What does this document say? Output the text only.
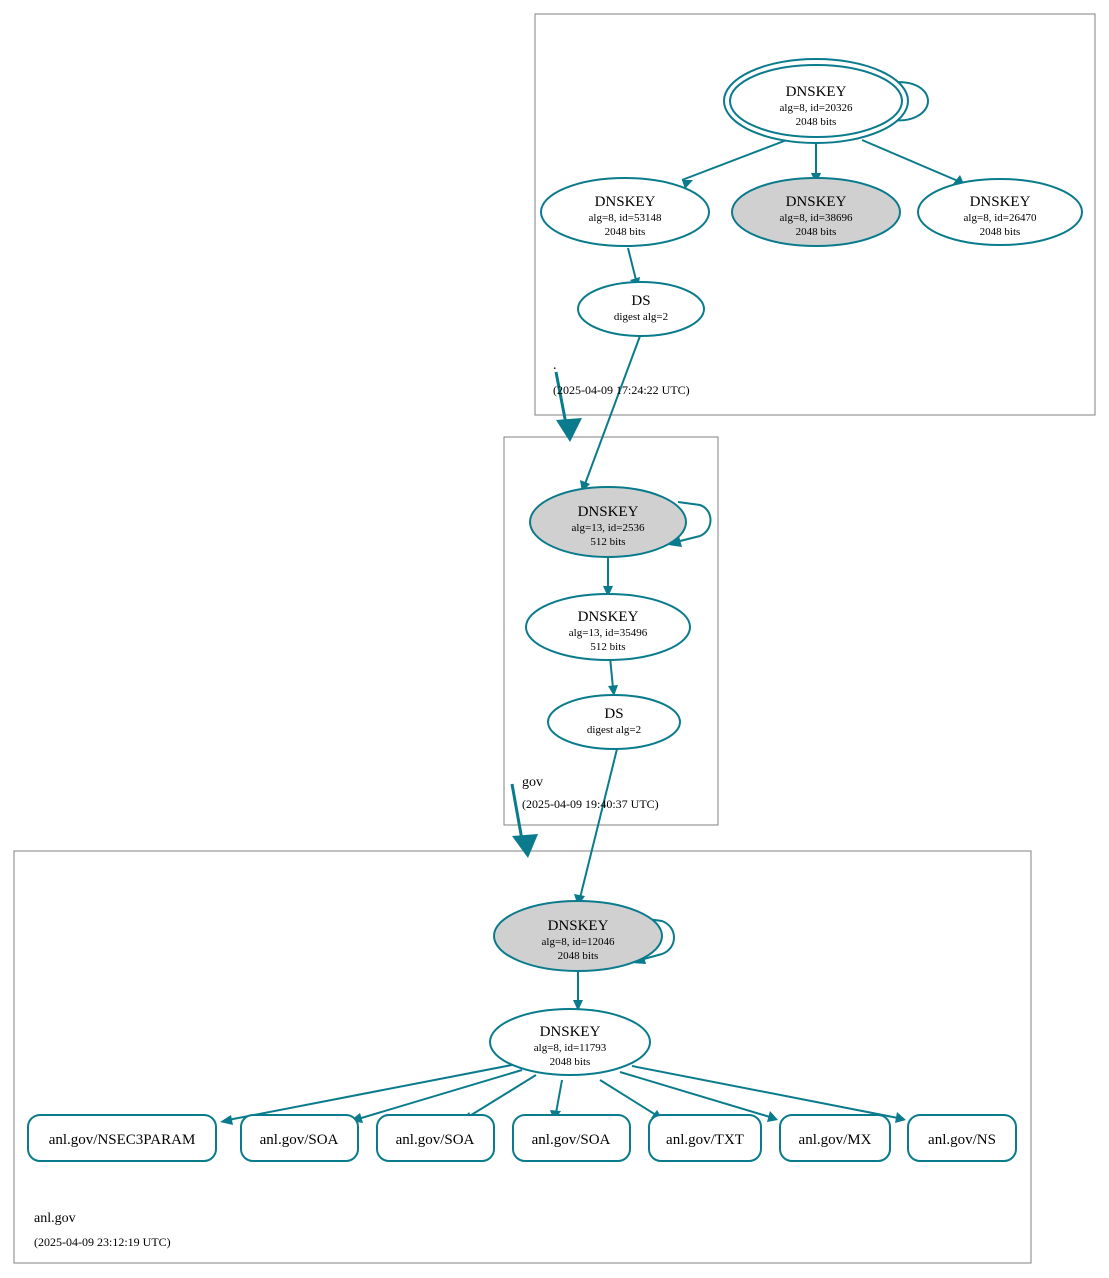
DNSKEY
alg=8, id=20326
2048 bits
DNSKEY
alg=8, id=53148
2048 bits
DNSKEY
alg=8, id=38696
2048 bits
DNSKEY
alg=8, id=26470
2048 bits
DS
digest alg=2
.
(2025-04-09 17:24:22 UTC)
DNSKEY
alg=13, id=2536
512 bits
DNSKEY
alg=13, id=35496
512 bits
DS
digest alg=2
gov
(2025-04-09 19:40:37 UTC)
DNSKEY
alg=8, id=12046
2048 bits
DNSKEY
alg=8, id=11793
2048 bits
anl.gov/NSEC3PARAM	anl.gov/SOA	anl.gov/SOA	anl.gov/SOA	anl.gov/TXT	anl.gov/MX	anl.gov/NS
anl.gov
(2025-04-09 23:12:19 UTC)
